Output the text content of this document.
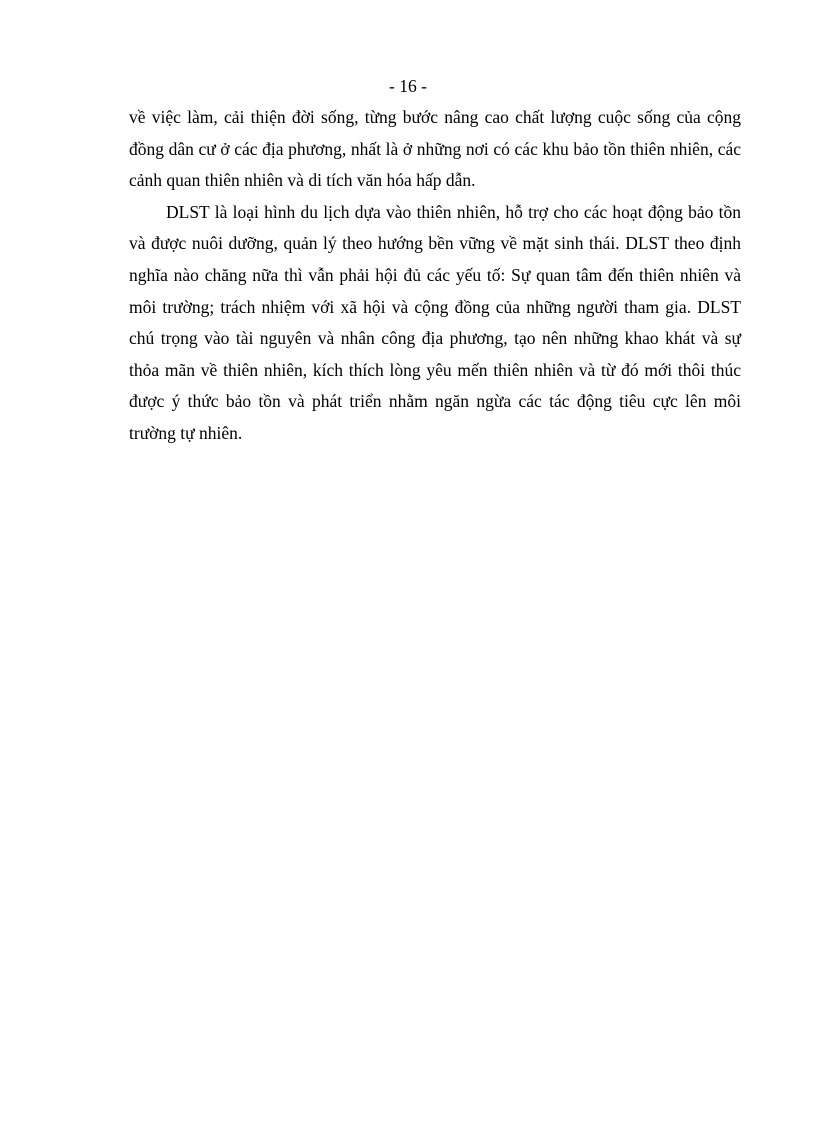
- 16 -

về việc làm, cải thiện đời sống, từng bước nâng cao chất lượng cuộc sống của cộng đồng dân cư ở các địa phương, nhất là ở những nơi có các khu bảo tồn thiên nhiên, các cảnh quan thiên nhiên và di tích văn hóa hấp dẫn.

DLST là loại hình du lịch dựa vào thiên nhiên, hỗ trợ cho các hoạt động bảo tồn và được nuôi dưỡng, quản lý theo hướng bền vững về mặt sinh thái. DLST theo định nghĩa nào chăng nữa thì vẫn phải hội đủ các yếu tố: Sự quan tâm đến thiên nhiên và môi trường; trách nhiệm với xã hội và cộng đồng của những người tham gia. DLST chú trọng vào tài nguyên và nhân công địa phương, tạo nên những khao khát và sự thỏa mãn về thiên nhiên, kích thích lòng yêu mến thiên nhiên và từ đó mới thôi thúc được ý thức bảo tồn và phát triển nhằm ngăn ngừa các tác động tiêu cực lên môi trường tự nhiên.
